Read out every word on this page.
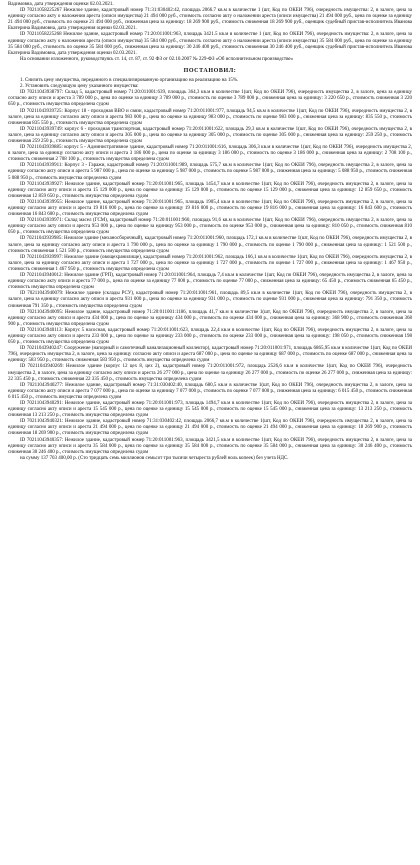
Вадимовна, дата утверждения оценки 02.03.2021.

ID 70211058225267 Нежилое здание, кадастровый номер 71:31:030402:42, площадь 2066.7 кв.м в количестве 1 (шт, Код по ОКЕИ 796), очередность имущества: 2, в залоге, цена за единицу согласно акту о наложении ареста (описи имущества) 21 494 000 руб., стоимость согласно акту о наложении ареста (описи имущества) 21 494 000 руб., цена по оценке за единицу 21 494 000 руб., стоимость по оценке 21 494 000 руб., сниженная цена за единицу: 18 269 900 руб., стоимость сниженная 18 269 900 руб., оценщик судебный пристав-исполнитель Иванова Екатерина Вадимовна, дата утверждения оценки 02.03.2021.

ID 70211058225268 Нежилое здание, кадастровый номер 71:20:011001:963, площадь 3421.5 кв.м в количестве 1 (шт, Код по ОКЕИ 796), очередность имущества: 2, в залоге, цена за единицу согласно акту о наложении ареста (описи имущества) 35 584 000 руб., стоимость согласно акту о наложении ареста (описи имущества) 35 584 000 руб., цена по оценке за единицу 35 584 000 руб., стоимость по оценке 35 584 000 руб., сниженная цена за единицу: 30 246 400 руб., стоимость сниженная 30 246 400 руб., оценщик судебный пристав-исполнитель Иванова Екатерина Вадимовна, дата утверждения оценки 02.03.2021.

На основании изложенного, руководствуясь ст. 14, ст. 87, ст. 92 ФЗ от 02.10.2007 № 229-ФЗ «Об исполнительном производстве»

ПОСТАНОВИЛ:

1. Снизить цену имущества, переданного в специализированную организацию на реализацию на 15%.

2. Установить следующую цену указанного имущества:

ID 70211043938797: Склад 5, кадастровый номер 71:20:011001:639, площадь 364,3 кв.м в количестве 1(шт, Код по ОКЕИ 796), очередность имущества 2, в залоге, цена за единицу согласно акту описи и ареста 3 789 000 р., цена по оценке за единицу 3 789 000 р., стоимость по оценке 3 789 000 р., сниженная цена за единицу: 3 220 650 р., стоимость сниженная 3 220 650 р., стоимость имущества определена судом

ID 70211043939725: Корпус 18 - проходная ВВО и связи, кадастровый номер 71:20:011001:977, площадь 94,5 кв.м в количестве 1(шт, Код по ОКЕИ 796), очередность имущества 2, в залоге, цена за единицу согласно акту описи и ареста 983 000 р., цена по оценке за единицу 983 000 р., стоимость по оценке 983 000 р., сниженная цена за единицу: 835 550 р., стоимость сниженная 835 550 р., стоимость имущества определена судом

ID 70211043939749: корпус 6 - проходная транспортная, кадастровый номер 71:20:011001:622, площадь 29,3 кв.м в количестве 1(шт, Код по ОКЕИ 796), очередность имущества 2, в залоге, цена за единицу согласно акту описи и ареста 305 000 р., цена по оценке за единицу 305 000 р., стоимость по оценке 305 000 р., сниженная цена за единицу: 259 250 р., стоимость сниженная 259 250 р., стоимость имущества определена судом

ID 70211043939885: корпус 5 - Административное здание, кадастровый номер 71:20:011001:616, площадь 306,3 кв.м в количестве 1(шт, Код по ОКЕИ 796), очередность имущества 2, в залоге, цена за единицу согласно акту описи и ареста 3 186 000 р., цена по оценке за единицу 3 186 000 р., стоимость по оценке 3 186 000 р., сниженная цена за единицу: 2 708 100 р., стоимость сниженная 2 708 100 р., стоимость имущества определена судом

ID 70211043939911: Корпус 3 - Гаражи, кадастровый номер 71:20:011001:989, площадь 575,7 кв.м в количестве 1(шт, Код по ОКЕИ 796), очередность имущества 2, в залоге, цена за единицу согласно акту описи и ареста 5 987 000 р., цена по оценке за единицу 5 987 000 р., стоимость по оценке 5 987 000 р., сниженная цена за единицу: 5 088 950 р., стоимость сниженная 5 088 950 р., стоимость имущества определена судом

ID 70211043939927: Нежилое здание, кадастровый номер 71:20:011001:965, площадь 1454,7 кв.м в количестве 1(шт, Код по ОКЕИ 796), очередность имущества 2, в залоге, цена за единицу согласно акту описи и ареста 15 129 000 р., цена по оценке за единицу 15 129 000 р., стоимость по оценке 15 129 000 р., сниженная цена за единицу: 12 859 650 р., стоимость сниженная 12 859 650 р., стоимость имущества определена судом

ID 70211043939955: Нежилое здание, кадастровый номер 71:20:011001:965, площадь 1905,4 кв.м в количестве 1(шт, Код по ОКЕИ 796), очередность имущества 2, в залоге, цена за единицу согласно акту описи и ареста 19 816 000 р., цена по оценке за единицу 19 816 000 р., стоимость по оценке 19 816 000 р., сниженная цена за единицу: 16 843 600 р., стоимость сниженная 16 843 600 р., стоимость имущества определена судом

ID 70211043939971: Склад масел (ГСМ), кадастровый номер 71:20:011001:960, площадь 91,6 кв.м в количестве 1(шт, Код по ОКЕИ 796), очередность имущества 2, в залоге, цена за единицу согласно акту описи и ареста 953 000 р., цена по оценке за единицу 953 000 р., стоимость по оценке 953 000 р., сниженная цена за единицу: 810 050 р., стоимость сниженная 810 050 р., стоимость имущества определена судом

ID 70211043939985: Нежилое здание (механосборочный), кадастровый номер 71:20:011001:960, площадь 172,1 кв.м в количестве 1(шт, Код по ОКЕИ 796), очередность имущества 2, в залоге, цена за единицу согласно акту описи и ареста 1 790 000 р., цена по оценке за единицу 1 790 000 р., стоимость по оценке 1 790 000 р., сниженная цена за единицу: 1 521 500 р., стоимость сниженная 1 521 500 р., стоимость имущества определена судом

ID 70211043939997: Нежилое здание (овощехранилище), кадастровый номер 71:20:011001:962, площадь 166,1 кв.м в количестве 1(шт, Код по ОКЕИ 796), очередность имущества 2, в залоге, цена за единицу согласно акту описи и ареста 1 727 000 р., цена по оценке за единицу 1 727 000 р., стоимость по оценке 1 727 000 р., сниженная цена за единицу: 1 467 950 р., стоимость сниженная 1 467 950 р., стоимость имущества определена судом

ID 70211043940012: Нежилое здание (ГРП), кадастровый номер 71:20:011001:964, площадь 7,4 кв.м в количестве 1(шт, Код по ОКЕИ 796), очередность имущества 2, в залоге, цена за единицу согласно акту описи и ареста 77 000 р., цена по оценке за единицу 77 000 р., стоимость по оценке 77 000 р., сниженная цена за единицу: 65 450 р., стоимость сниженная 65 450 р., стоимость имущества определена судом

ID 70211043940079: Нежилое здание (склады РСУ), кадастровый номер 71:20:011001:961, площадь 89,5 кв.м в количестве 1(шт, Код по ОКЕИ 796), очередность имущества 2, в залоге, цена за единицу согласно акту описи и ареста 931 000 р., цена по оценке за единицу 931 000 р., стоимость по оценке 931 000 р., сниженная цена за единицу: 791 350 р., стоимость сниженная 791 350 р., стоимость имущества определена судом

ID 70211043940095: Нежилое здание, кадастровый номер 71:20:011001:1186, площадь 41,7 кв.м в количестве 1(шт, Код по ОКЕИ 796), очередность имущества 2, в залоге, цена за единицу согласно акту описи и ареста 434 000 р., цена по оценке за единицу 434 000 р., стоимость по оценке 434 000 р., сниженная цена за единицу: 368 900 р., стоимость сниженная 368 900 р., стоимость имущества определена судом

ID 70211043940113: Корпус 5 насосная, кадастровый номер 71:20:011001:623, площадь 22,4 кв.м в количестве 1(шт, Код по ОКЕИ 796), очередность имущества 2, в залоге, цена за единицу согласно акту описи и ареста 233 000 р., цена по оценке за единицу 233 000 р., стоимость по оценке 233 000 р., сниженная цена за единицу: 198 050 р., стоимость сниженная 198 050 р., стоимость имущества определена судом

ID 70211043940247: Сооружение (напорный и самотечный канализационный коллектор), кадастровый номер 71:20:011001:971, площадь 6865,95 кв.м в количестве 1(шт, Код по ОКЕИ 796), очередность имущества 2, в залоге, цена за единицу согласно акту описи и ареста 687 000 р., цена по оценке за единицу 687 000 р., стоимость по оценке 687 000 р., сниженная цена за единицу: 583 950 р., стоимость сниженная 583 950 р., стоимость имущества определена судом

ID 70211043940269: Нежилое здание (корпус 12 цех 8, цех 2), кадастровый номер 71:20:011001:972, площадь 2526,6 кв.м в количестве 1(шт, Код по ОКЕИ 796), очередность имущества 2, в залоге, цена за единицу согласно акту описи и ареста 26 277 000 р., цена по оценке за единицу 26 277 000 р., стоимость по оценке 26 277 000 р., сниженная цена за единицу: 22 335 450 р., стоимость сниженная 22 335 450 р., стоимость имущества определена судом

ID 70211043940277: Нежилое здание, кадастровый номер 71:31:030402:40, площадь 680,5 кв.м в количестве 1(шт, Код по ОКЕИ 796), очередность имущества 2, в залоге, цена за единицу согласно акту описи и ареста 7 077 000 р., цена по оценке за единицу 7 077 000 р., стоимость по оценке 7 077 000 р., сниженная цена за единицу: 6 015 450 р., стоимость сниженная 6 015 450 р., стоимость имущества определена судом

ID 70211043940291: Нежилое здание, кадастровый номер 71:20:011001:973, площадь 1494,7 кв.м в количестве 1(шт, Код по ОКЕИ 796), очередность имущества 2, в залоге, цена за единицу согласно акту описи и ареста 15 545 000 р., цена по оценке за единицу 15 545 000 р., стоимость по оценке 15 545 000 р., сниженная цена за единицу: 13 213 250 р., стоимость сниженная 13 213 250 р., стоимость имущества определена судом

ID 70211043940321: Нежилое здание, кадастровый номер 71:31:030402:42, площадь 2066,7 кв.м в количестве 1(шт, Код по ОКЕИ 796), очередность имущества 2, в залоге, цена за единицу согласно акту описи и ареста 21 494 000 р., цена по оценке за единицу 21 494 000 р., стоимость по оценке 21 494 000 р., сниженная цена за единицу: 18 269 900 р., стоимость сниженная 18 269 900 р., стоимость имущества определена судом

ID 70211043940357: Нежилое здание, кадастровый номер 71:20:011001:963, площадь 3421,5 кв.м в количестве 1(шт, Код по ОКЕИ 796), очередность имущества 2, в залоге, цена за единицу согласно акту описи и ареста 35 584 000 р., цена по оценке за единицу 35 584 000 р., стоимость по оценке 35 584 000 р., сниженная цена за единицу: 30 246 400 р., стоимость сниженная 30 246 400 р., стоимость имущества определена судом

на сумму 137 703 400,00 р. (Сто тридцать семь миллионов семьсот три тысячи четыреста рублей ноль копеек) без учета НДС.
